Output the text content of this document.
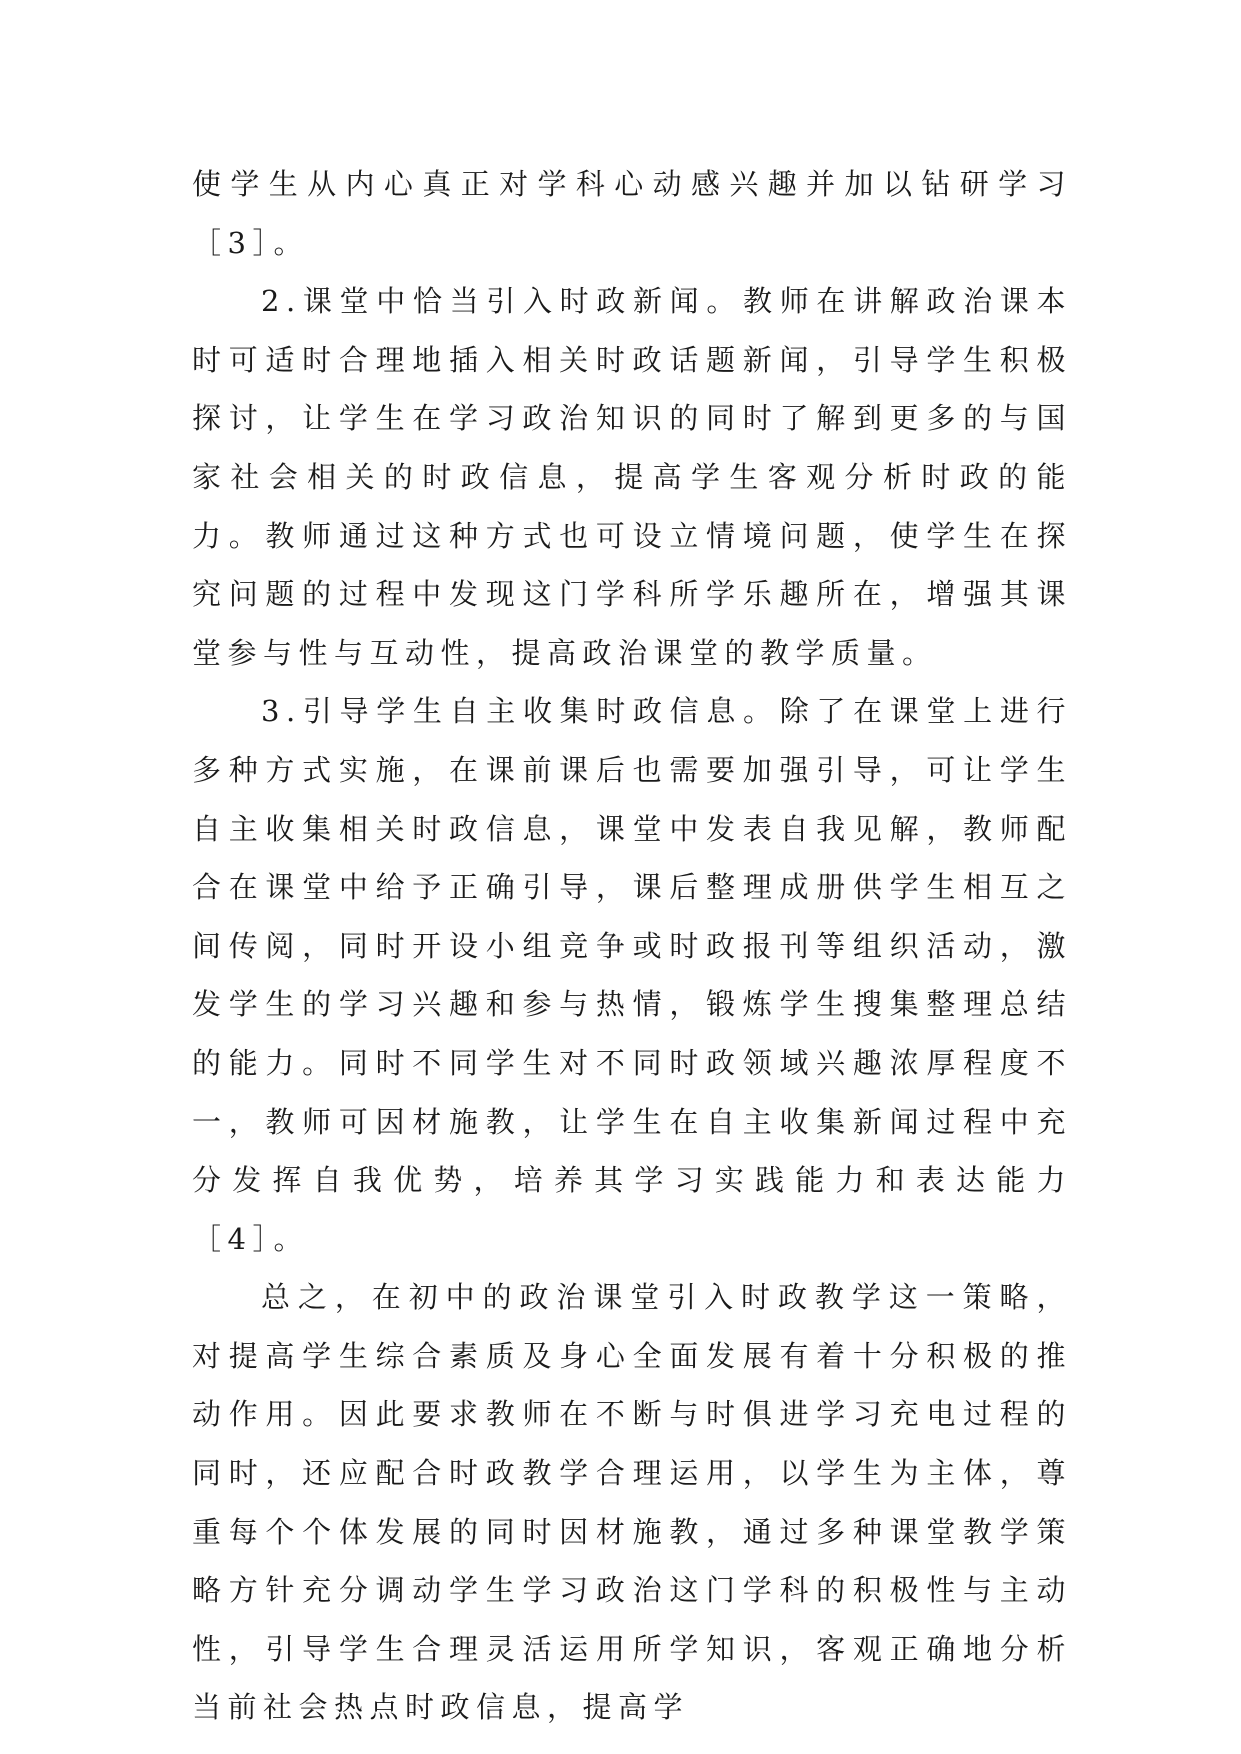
使学生从内心真正对学科心动感兴趣并加以钻研学习［3］。

2.课堂中恰当引入时政新闻。教师在讲解政治课本时可适时合理地插入相关时政话题新闻，引导学生积极探讨，让学生在学习政治知识的同时了解到更多的与国家社会相关的时政信息，提高学生客观分析时政的能力。教师通过这种方式也可设立情境问题，使学生在探究问题的过程中发现这门学科所学乐趣所在，增强其课堂参与性与互动性，提高政治课堂的教学质量。

3.引导学生自主收集时政信息。除了在课堂上进行多种方式实施，在课前课后也需要加强引导，可让学生自主收集相关时政信息，课堂中发表自我见解，教师配合在课堂中给予正确引导，课后整理成册供学生相互之间传阅，同时开设小组竞争或时政报刊等组织活动，激发学生的学习兴趣和参与热情，锻炼学生搜集整理总结的能力。同时不同学生对不同时政领域兴趣浓厚程度不一，教师可因材施教，让学生在自主收集新闻过程中充分发挥自我优势，培养其学习实践能力和表达能力［4］。

总之，在初中的政治课堂引入时政教学这一策略，对提高学生综合素质及身心全面发展有着十分积极的推动作用。因此要求教师在不断与时俱进学习充电过程的同时，还应配合时政教学合理运用，以学生为主体，尊重每个个体发展的同时因材施教，通过多种课堂教学策略方针充分调动学生学习政治这门学科的积极性与主动性，引导学生合理灵活运用所学知识，客观正确地分析当前社会热点时政信息，提高学
